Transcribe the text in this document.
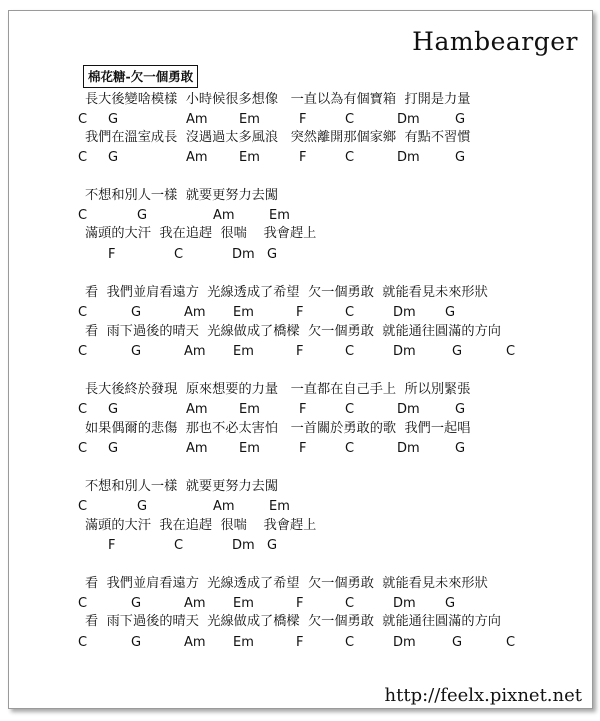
Hambearger
棉花糖-欠一個勇敢
長大後變啥模樣  小時候很多想像   一直以為有個寶箱  打開是力量
C G	Am Em	F	C	Dm	G
我們在溫室成長  沒遇過太多風浪   突然離開那個家鄉  有點不習慣
C G	Am Em	F	C	Dm	G
不想和別人一樣  就要更努力去闖
C	G	Am	Em
滿頭的大汗  我在追趕  很喘    我會趕上
F	C	Dm G
看  我們並肩看遠方  光線透成了希望  欠一個勇敢  就能看見未來形狀
C	G	Am Em	F	C	Dm G
看  雨下過後的晴天  光線做成了橋樑  欠一個勇敢  就能通往圓滿的方向
C	G	Am Em	F	C	Dm	G	C
長大後終於發現  原來想要的力量   一直都在自己手上  所以別緊張
C G	Am Em	F	C	Dm	G
如果偶爾的悲傷  那也不必太害怕   一首關於勇敢的歌  我們一起唱
C G	Am Em	F	C	Dm	G
不想和別人一樣  就要更努力去闖
C	G	Am	Em
滿頭的大汗  我在追趕  很喘    我會趕上
F	C	Dm G
看  我們並肩看遠方  光線透成了希望  欠一個勇敢  就能看見未來形狀
C	G	Am Em	F	C	Dm G
看  雨下過後的晴天  光線做成了橋樑  欠一個勇敢  就能通往圓滿的方向
C	G	Am Em	F	C	Dm	G	C
http://feelx.pixnet.net
